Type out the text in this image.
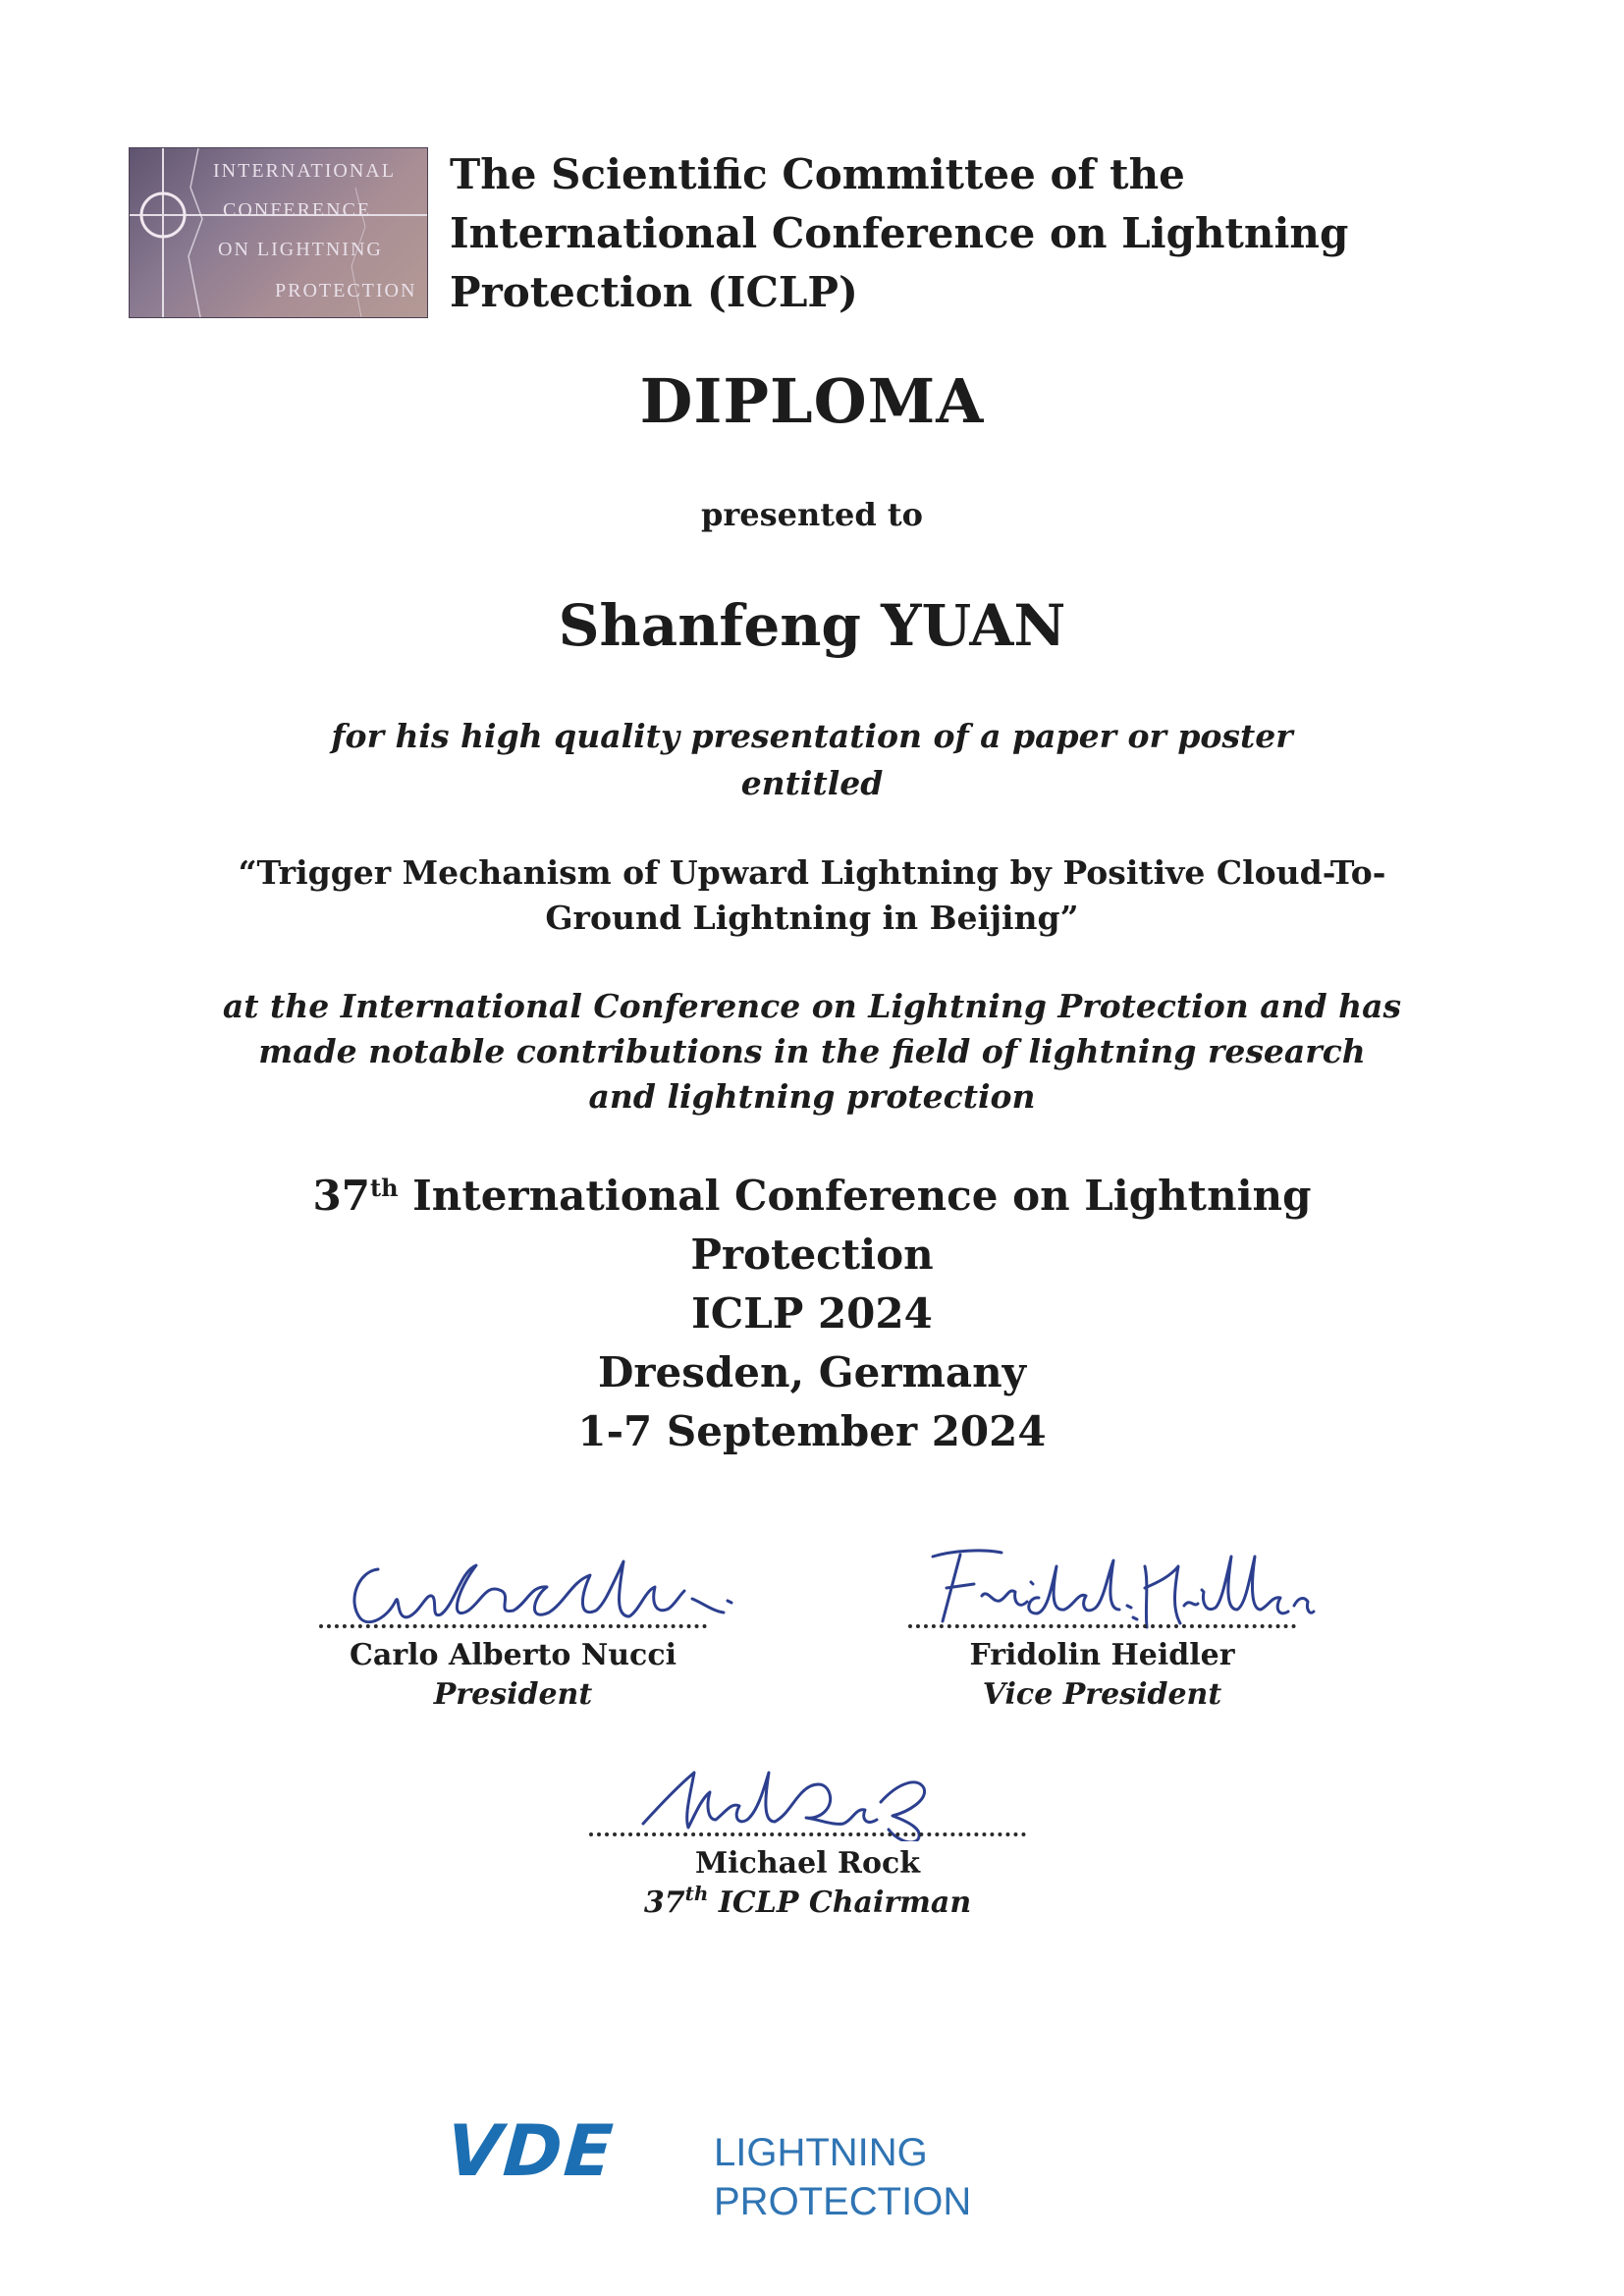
INTERNATIONAL
CONFERENCE
ON LIGHTNING
PROTECTION
The Scientific Committee of the
International Conference on Lightning
Protection (ICLP)
DIPLOMA
presented to
Shanfeng YUAN
for his high quality presentation of a paper or poster
entitled
“Trigger Mechanism of Upward Lightning by Positive Cloud-To-
Ground Lightning in Beijing”
at the International Conference on Lightning Protection and has
made notable contributions in the field of lightning research
and lightning protection
37th International Conference on Lightning
Protection
ICLP 2024
Dresden, Germany
1-7 September 2024
Carlo Alberto Nucci
President
Fridolin Heidler
Vice President
Michael Rock
37th ICLP Chairman
VDE LIGHTNING PROTECTION
